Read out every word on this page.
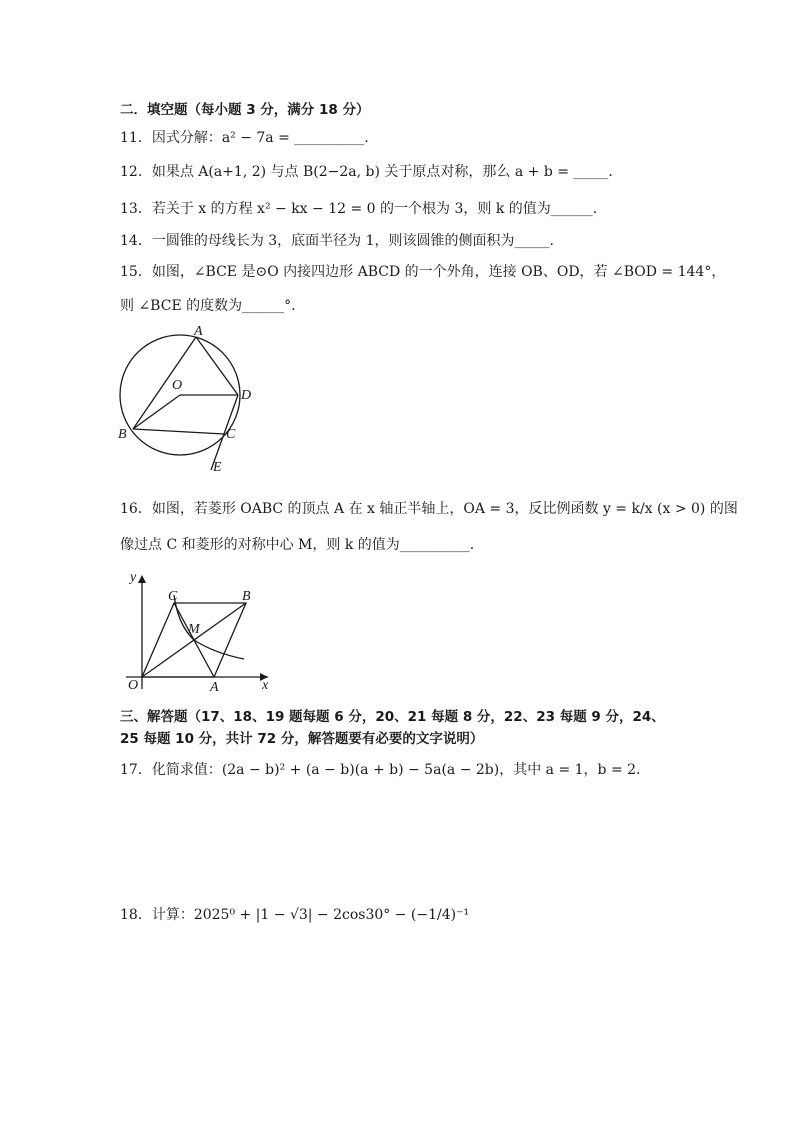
二．填空题（每小题 3 分，满分 18 分）
11．因式分解：a² − 7a = __________.
12．如果点 A(a+1, 2) 与点 B(2−2a, b) 关于原点对称，那么 a + b = _____.
13．若关于 x 的方程 x² − kx − 12 = 0 的一个根为 3，则 k 的值为______.
14．一圆锥的母线长为 3，底面半径为 1，则该圆锥的侧面积为_____.
15．如图，∠BCE 是⊙O 内接四边形 ABCD 的一个外角，连接 OB、OD，若 ∠BOD = 144°，
则 ∠BCE 的度数为______°.
A
O
D
B	C
E
16．如图，若菱形 OABC 的顶点 A 在 x 轴正半轴上，OA = 3，反比例函数 y = k/x (x > 0) 的图
像过点 C 和菱形的对称中心 M，则 k 的值为__________.
y
x
O	A
B
C
M
三、解答题（17、18、19 题每题 6 分，20、21 每题 8 分，22、23 每题 9 分，24、
25 每题 10 分，共计 72 分，解答题要有必要的文字说明）
17．化简求值：(2a − b)² + (a − b)(a + b) − 5a(a − 2b)，其中 a = 1，b = 2.
18．计算：2025⁰ + |1 − √3| − 2cos30° − (−1/4)⁻¹
